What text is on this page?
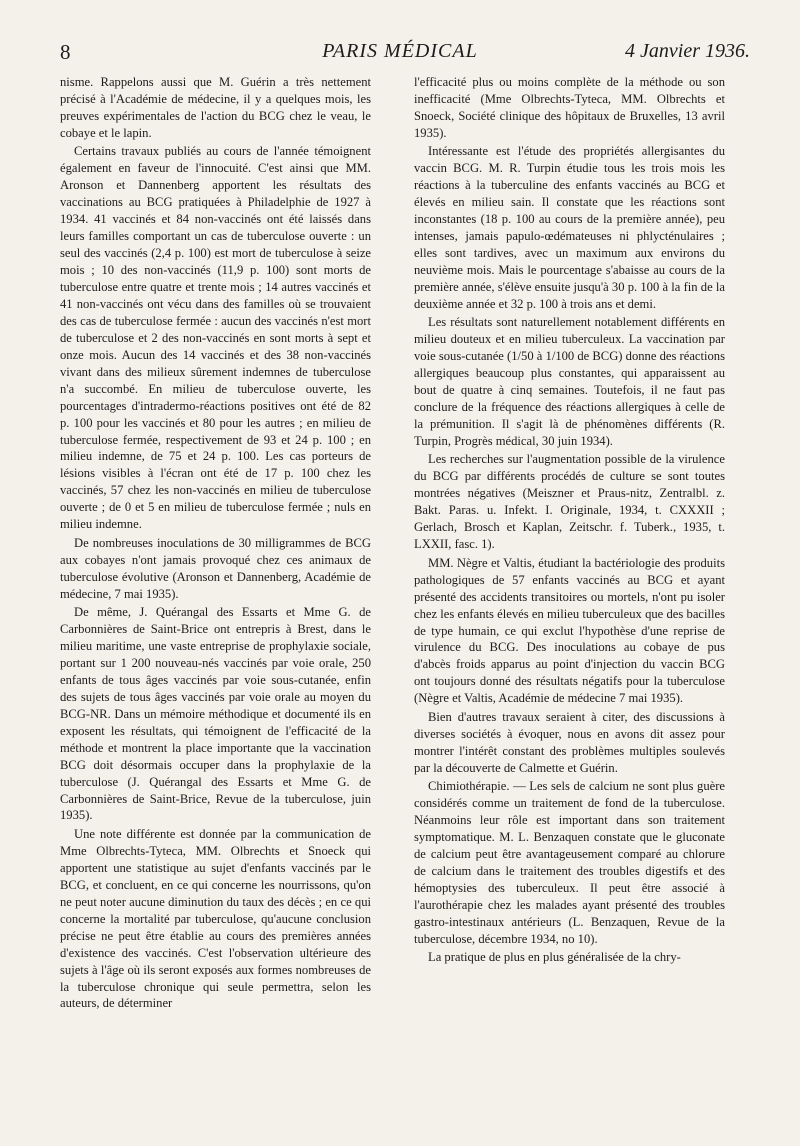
8	PARIS MÉDICAL	4 Janvier 1936.

nisme. Rappelons aussi que M. Guérin a très nettement précisé à l'Académie de médecine, il y a quelques mois, les preuves expérimentales de l'action du BCG chez le veau, le cobaye et le lapin.

Certains travaux publiés au cours de l'année témoignent également en faveur de l'innocuité. C'est ainsi que MM. Aronson et Dannenberg apportent les résultats des vaccinations au BCG pratiquées à Philadelphie de 1927 à 1934. 41 vaccinés et 84 non-vaccinés ont été laissés dans leurs familles comportant un cas de tuberculose ouverte : un seul des vaccinés (2,4 p. 100) est mort de tuberculose à seize mois ; 10 des non-vaccinés (11,9 p. 100) sont morts de tuberculose entre quatre et trente mois ; 14 autres vaccinés et 41 non-vaccinés ont vécu dans des familles où se trouvaient des cas de tuberculose fermée : aucun des vaccinés n'est mort de tuberculose et 2 des non-vaccinés en sont morts à sept et onze mois. Aucun des 14 vaccinés et des 38 non-vaccinés vivant dans des milieux sûrement indemnes de tuberculose n'a succombé. En milieu de tuberculose ouverte, les pourcentages d'intradermo-réactions positives ont été de 82 p. 100 pour les vaccinés et 80 pour les autres ; en milieu de tuberculose fermée, respectivement de 93 et 24 p. 100 ; en milieu indemne, de 75 et 24 p. 100. Les cas porteurs de lésions visibles à l'écran ont été de 17 p. 100 chez les vaccinés, 57 chez les non-vaccinés en milieu de tuberculose ouverte ; de 0 et 5 en milieu de tuberculose fermée ; nuls en milieu indemne.

De nombreuses inoculations de 30 milligrammes de BCG aux cobayes n'ont jamais provoqué chez ces animaux de tuberculose évolutive (Aronson et Dannenberg, Académie de médecine, 7 mai 1935).

De même, J. Quérangal des Essarts et Mme G. de Carbonnières de Saint-Brice ont entrepris à Brest, dans le milieu maritime, une vaste entreprise de prophylaxie sociale, portant sur 1 200 nouveau-nés vaccinés par voie orale, 250 enfants de tous âges vaccinés par voie sous-cutanée, enfin des sujets de tous âges vaccinés par voie orale au moyen du BCG-NR. Dans un mémoire méthodique et documenté ils en exposent les résultats, qui témoignent de l'efficacité de la méthode et montrent la place importante que la vaccination BCG doit désormais occuper dans la prophylaxie de la tuberculose (J. Quérangal des Essarts et Mme G. de Carbonnières de Saint-Brice, Revue de la tuberculose, juin 1935).

Une note différente est donnée par la communication de Mme Olbrechts-Tyteca, MM. Olbrechts et Snoeck qui apportent une statistique au sujet d'enfants vaccinés par le BCG, et concluent, en ce qui concerne les nourrissons, qu'on ne peut noter aucune diminution du taux des décès ; en ce qui concerne la mortalité par tuberculose, qu'aucune conclusion précise ne peut être établie au cours des premières années d'existence des vaccinés. C'est l'observation ultérieure des sujets à l'âge où ils seront exposés aux formes nombreuses de la tuberculose chronique qui seule permettra, selon les auteurs, de déterminer

l'efficacité plus ou moins complète de la méthode ou son inefficacité (Mme Olbrechts-Tyteca, MM. Olbrechts et Snoeck, Société clinique des hôpitaux de Bruxelles, 13 avril 1935).

Intéressante est l'étude des propriétés allergisantes du vaccin BCG. M. R. Turpin étudie tous les trois mois les réactions à la tuberculine des enfants vaccinés au BCG et élevés en milieu sain. Il constate que les réactions sont inconstantes (18 p. 100 au cours de la première année), peu intenses, jamais papulo-œdémateuses ni phlycténulaires ; elles sont tardives, avec un maximum aux environs du neuvième mois. Mais le pourcentage s'abaisse au cours de la première année, s'élève ensuite jusqu'à 30 p. 100 à la fin de la deuxième année et 32 p. 100 à trois ans et demi.

Les résultats sont naturellement notablement différents en milieu douteux et en milieu tuberculeux. La vaccination par voie sous-cutanée (1/50 à 1/100 de BCG) donne des réactions allergiques beaucoup plus constantes, qui apparaissent au bout de quatre à cinq semaines. Toutefois, il ne faut pas conclure de la fréquence des réactions allergiques à celle de la prémunition. Il s'agit là de phénomènes différents (R. Turpin, Progrès médical, 30 juin 1934).

Les recherches sur l'augmentation possible de la virulence du BCG par différents procédés de culture se sont toutes montrées négatives (Meiszner et Praus-nitz, Zentralbl. z. Bakt. Paras. u. Infekt. I. Originale, 1934, t. CXXXII ; Gerlach, Brosch et Kaplan, Zeitschr. f. Tuberk., 1935, t. LXXII, fasc. 1).

MM. Nègre et Valtis, étudiant la bactériologie des produits pathologiques de 57 enfants vaccinés au BCG et ayant présenté des accidents transitoires ou mortels, n'ont pu isoler chez les enfants élevés en milieu tuberculeux que des bacilles de type humain, ce qui exclut l'hypothèse d'une reprise de virulence du BCG. Des inoculations au cobaye de pus d'abcès froids apparus au point d'injection du vaccin BCG ont toujours donné des résultats négatifs pour la tuberculose (Nègre et Valtis, Académie de médecine 7 mai 1935).

Bien d'autres travaux seraient à citer, des discussions à diverses sociétés à évoquer, nous en avons dit assez pour montrer l'intérêt constant des problèmes multiples soulevés par la découverte de Calmette et Guérin.

Chimiothérapie. — Les sels de calcium ne sont plus guère considérés comme un traitement de fond de la tuberculose. Néanmoins leur rôle est important dans son traitement symptomatique. M. L. Benzaquen constate que le gluconate de calcium peut être avantageusement comparé au chlorure de calcium dans le traitement des troubles digestifs et des hémoptysies des tuberculeux. Il peut être associé à l'aurothérapie chez les malades ayant présenté des troubles gastro-intestinaux antérieurs (L. Benzaquen, Revue de la tuberculose, décembre 1934, no 10).

La pratique de plus en plus généralisée de la chry-
